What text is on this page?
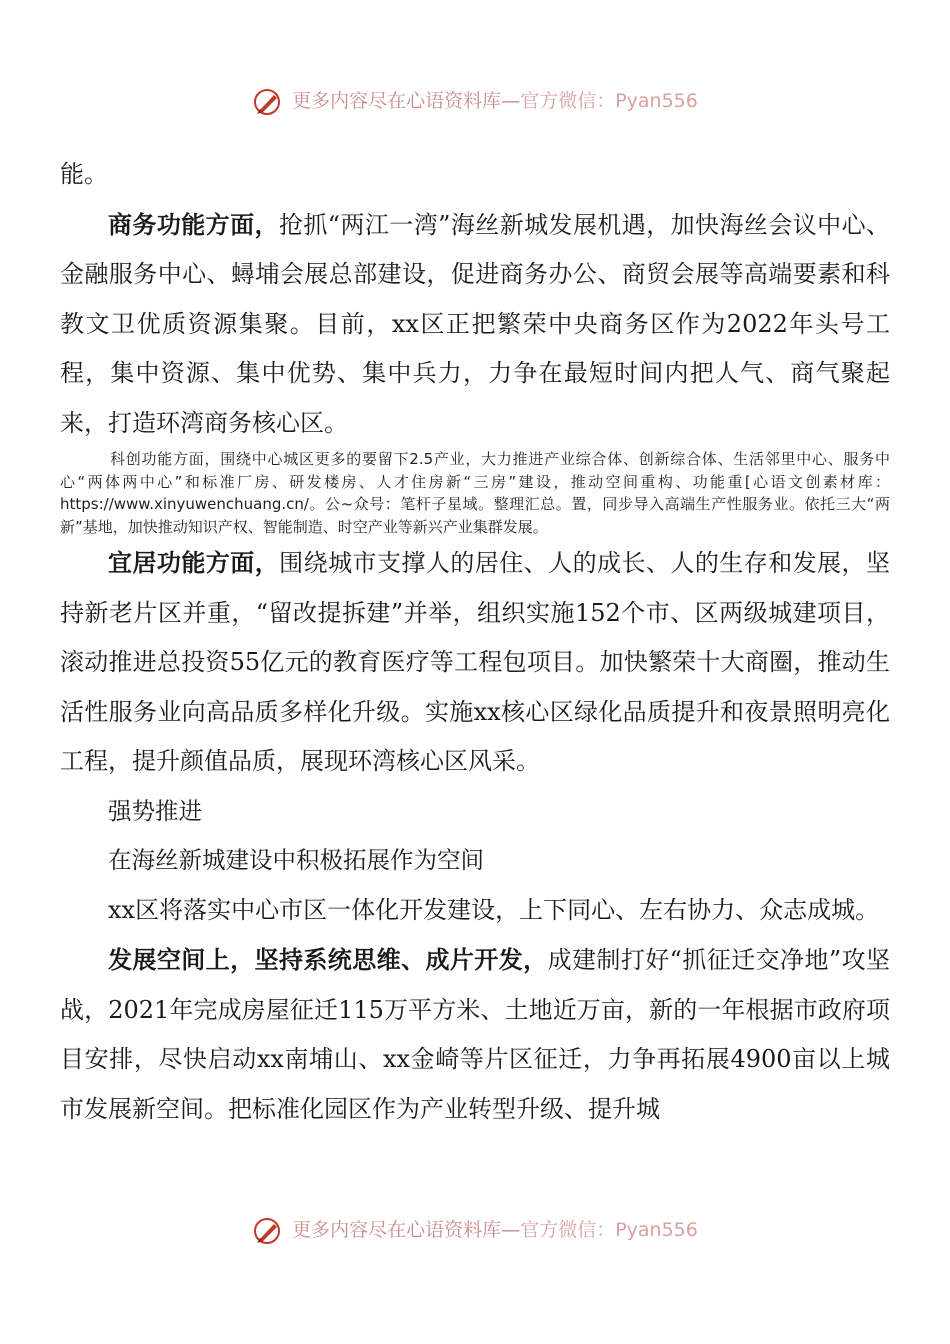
更多内容尽在心语资料库—官方微信：Pyan556

能。

商务功能方面，抢抓“两江一湾”海丝新城发展机遇，加快海丝会议中心、金融服务中心、蟳埔会展总部建设，促进商务办公、商贸会展等高端要素和科教文卫优质资源集聚。目前，xx区正把繁荣中央商务区作为2022年头号工程，集中资源、集中优势、集中兵力，力争在最短时间内把人气、商气聚起来，打造环湾商务核心区。

科创功能方面，围绕中心城区更多的要留下2.5产业，大力推进产业综合体、创新综合体、生活邻里中心、服务中心“两体两中心”和标准厂房、研发楼房、人才住房新“三房”建设，推动空间重构、功能重[心语文创素材库：https://www.xinyuwenchuang.cn/。公~众号：笔杆子星域。整理汇总。置，同步导入高端生产性服务业。依托三大“两新”基地，加快推动知识产权、智能制造、时空产业等新兴产业集群发展。

宜居功能方面，围绕城市支撑人的居住、人的成长、人的生存和发展，坚持新老片区并重，“留改提拆建”并举，组织实施152个市、区两级城建项目，滚动推进总投资55亿元的教育医疗等工程包项目。加快繁荣十大商圈，推动生活性服务业向高品质多样化升级。实施xx核心区绿化品质提升和夜景照明亮化工程，提升颜值品质，展现环湾核心区风采。

强势推进

在海丝新城建设中积极拓展作为空间

xx区将落实中心市区一体化开发建设，上下同心、左右协力、众志成城。

发展空间上，坚持系统思维、成片开发，成建制打好“抓征迁交净地”攻坚战，2021年完成房屋征迁115万平方米、土地近万亩，新的一年根据市政府项目安排，尽快启动xx南埔山、xx金崎等片区征迁，力争再拓展4900亩以上城市发展新空间。把标准化园区作为产业转型升级、提升城

更多内容尽在心语资料库—官方微信：Pyan556
